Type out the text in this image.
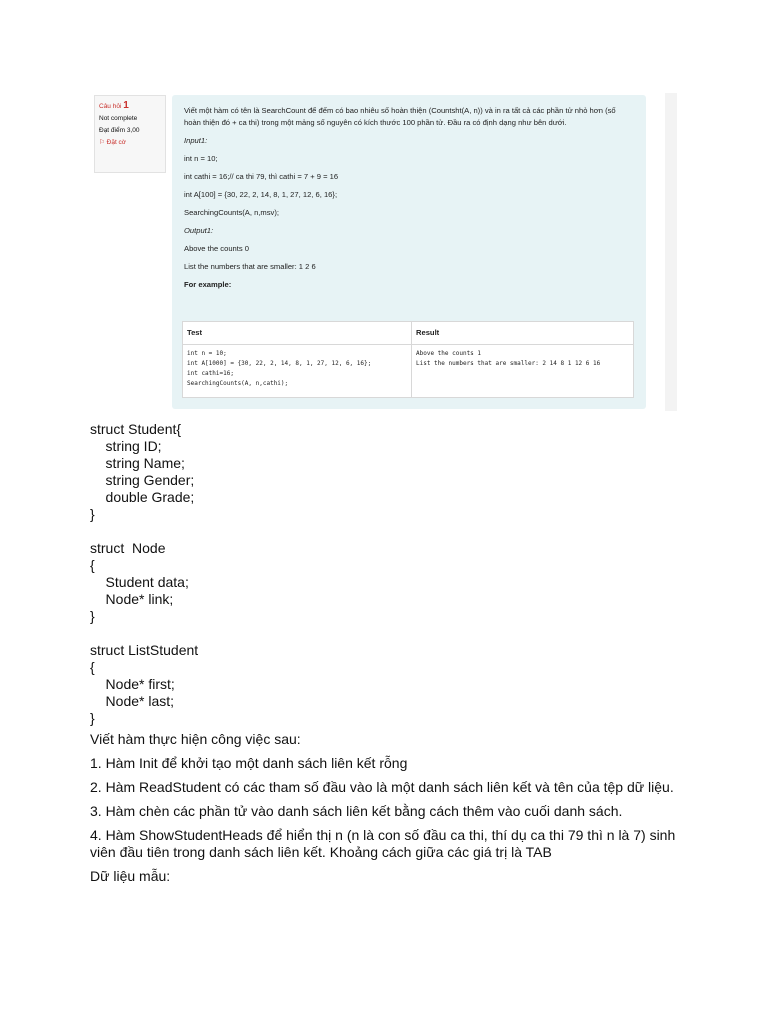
Câu hỏi 1
Not complete
Đạt điểm 3,00
⚐ Đặt cờ

Viết một hàm có tên là SearchCount để đếm có bao nhiêu số hoàn thiện (Countsht(A, n)) và in ra tất cả các phần tử nhỏ hơn (số hoàn thiện đó + ca thi) trong một mảng số nguyên có kích thước 100 phần tử. Đầu ra có định dạng như bên dưới.

Input1:

int n = 10;

int cathi = 16;// ca thi 79, thì cathi = 7 + 9 = 16

int A[100] = {30, 22, 2, 14, 8, 1, 27, 12, 6, 16};

SearchingCounts(A, n,msv);

Output1:

Above the counts 0

List the numbers that are smaller: 1 2 6

For example:

Test	Result
int n = 10;
int A[1000] = {30, 22, 2, 14, 8, 1, 27, 12, 6, 16};
int cathi=16;
SearchingCounts(A, n,cathi);	Above the counts 1
List the numbers that are smaller: 2 14 8 1 12 6 16
struct Student{
string ID;
string Name;
string Gender;
double Grade;
}
struct  Node
{
Student data;
Node* link;
}
struct ListStudent
{
Node* first;
Node* last;
}
Viết hàm thực hiện công việc sau:
1. Hàm Init để khởi tạo một danh sách liên kết rỗng
2. Hàm ReadStudent có các tham số đầu vào là một danh sách liên kết và tên của tệp dữ liệu.
3. Hàm chèn các phần tử vào danh sách liên kết bằng cách thêm vào cuối danh sách.
4. Hàm ShowStudentHeads để hiển thị n (n là con số đầu ca thi, thí dụ ca thi 79 thì n là 7) sinh viên đầu tiên trong danh sách liên kết. Khoảng cách giữa các giá trị là TAB
Dữ liệu mẫu:
